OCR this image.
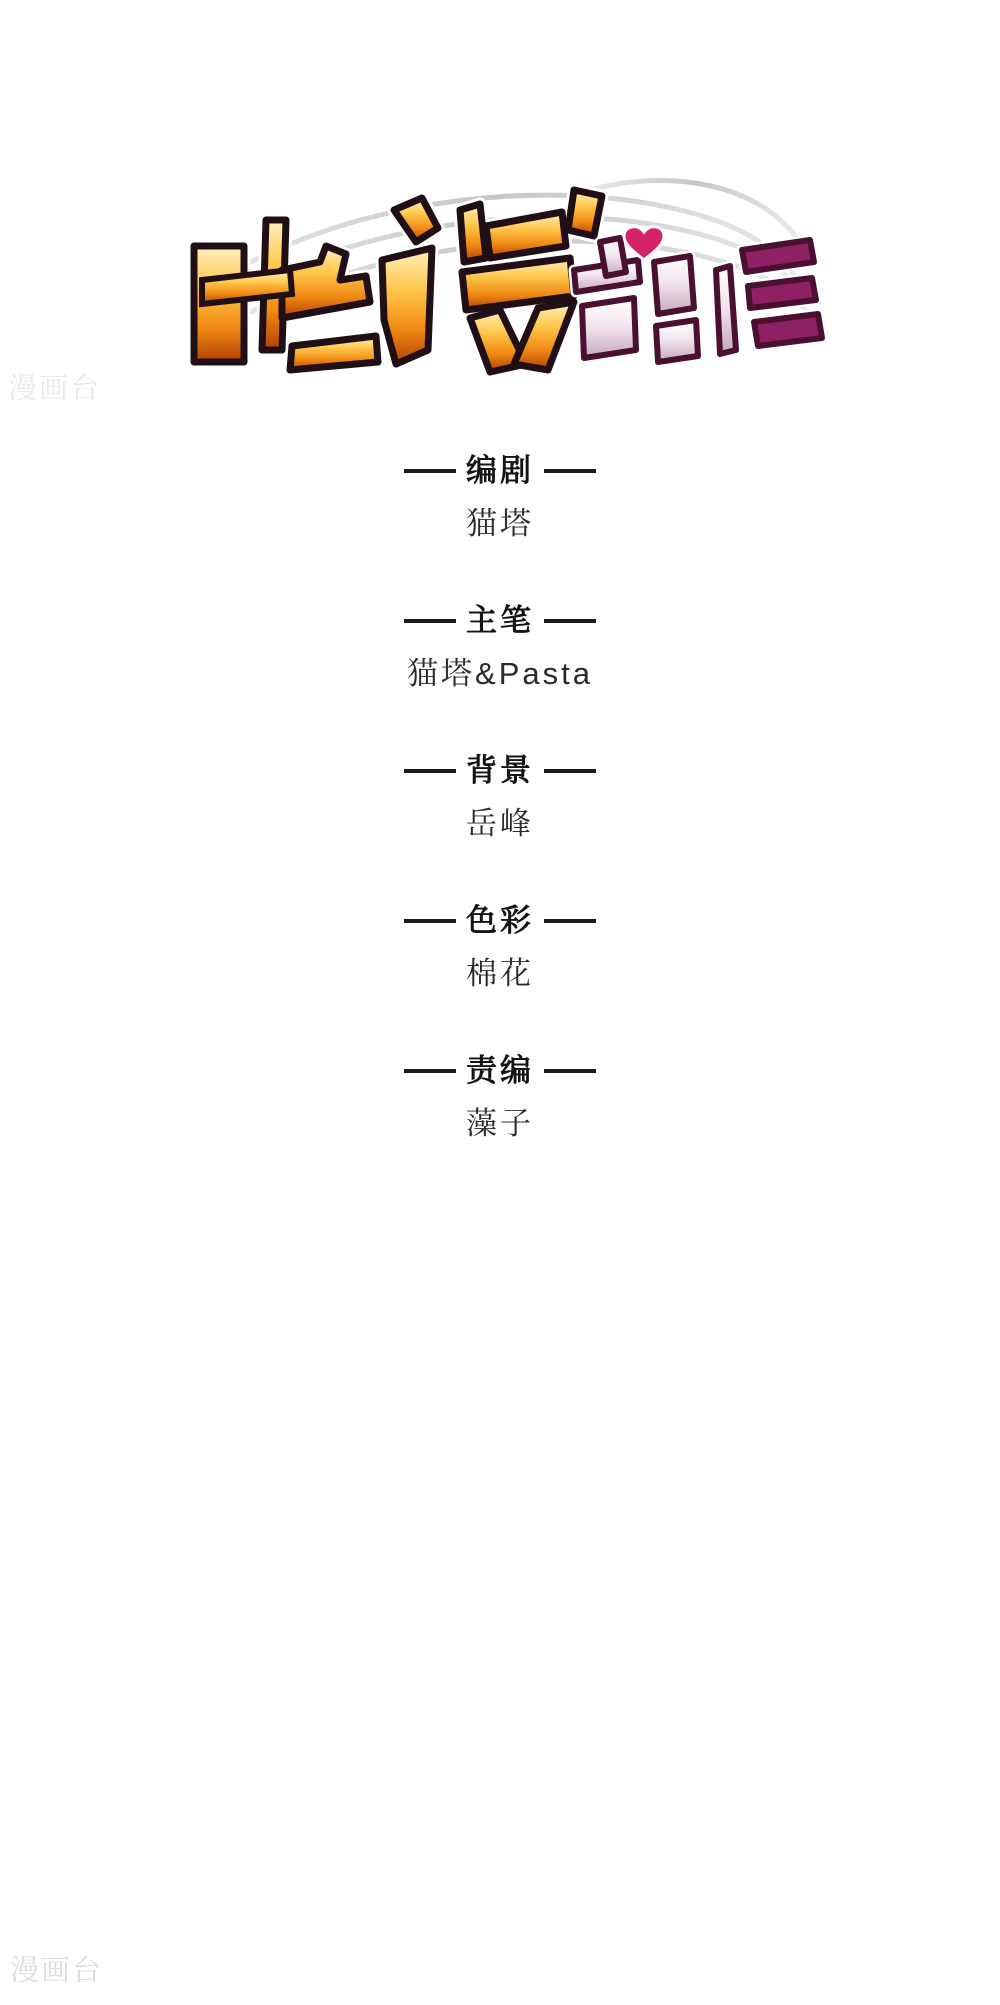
编剧
猫塔
主笔
猫塔&Pasta
背景
岳峰
色彩
棉花
责编
藻子
漫画台
漫画台
